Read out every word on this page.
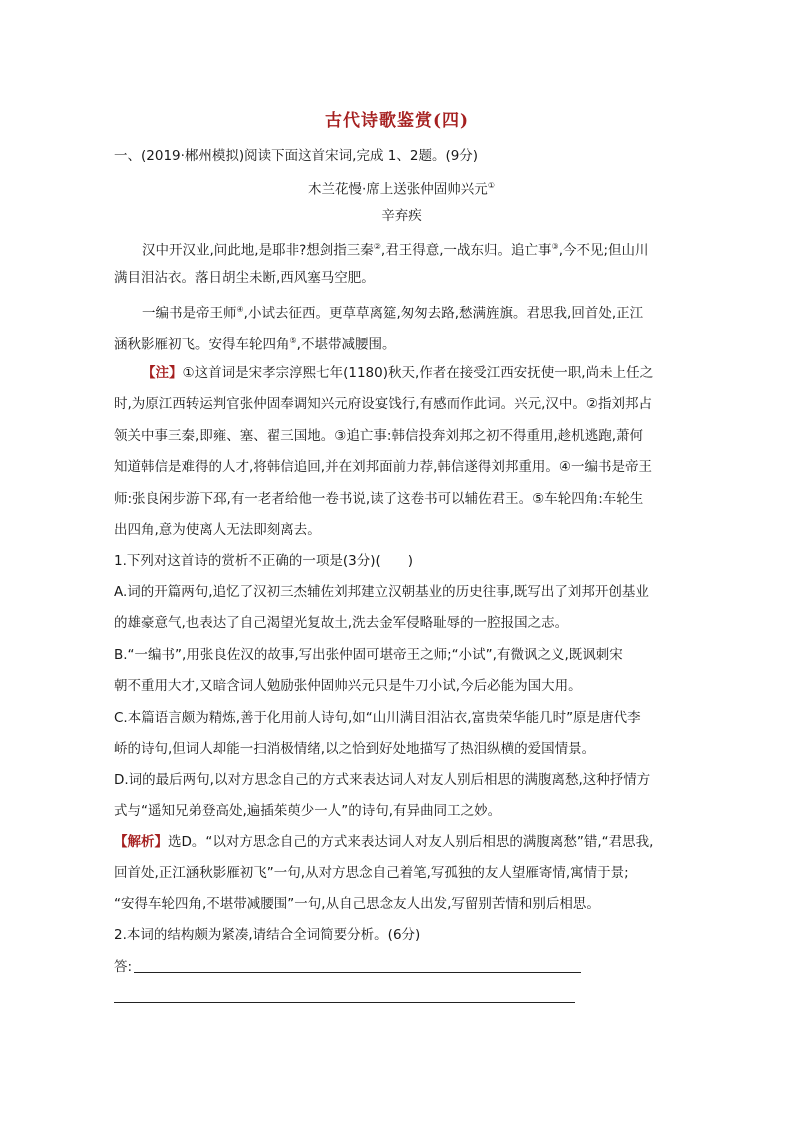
古代诗歌鉴赏(四)
一、(2019·郴州模拟)阅读下面这首宋词,完成 1、2题。(9分)
木兰花慢·席上送张仲固帅兴元①
辛弃疾
汉中开汉业,问此地,是耶非?想剑指三秦②,君王得意,一战东归。追亡事③,今不见;但山川
满目泪沾衣。落日胡尘未断,西风塞马空肥。
一编书是帝王师④,小试去征西。更草草离筵,匆匆去路,愁满旌旗。君思我,回首处,正江
涵秋影雁初飞。安得车轮四角⑤,不堪带减腰围。
【注】①这首词是宋孝宗淳熙七年(1180)秋天,作者在接受江西安抚使一职,尚未上任之
时,为原江西转运判官张仲固奉调知兴元府设宴饯行,有感而作此词。兴元,汉中。②指刘邦占
领关中事三秦,即雍、塞、翟三国地。③追亡事:韩信投奔刘邦之初不得重用,趁机逃跑,萧何
知道韩信是难得的人才,将韩信追回,并在刘邦面前力荐,韩信遂得刘邦重用。④一编书是帝王
师:张良闲步游下邳,有一老者给他一卷书说,读了这卷书可以辅佐君王。⑤车轮四角:车轮生
出四角,意为使离人无法即刻离去。
1.下列对这首诗的赏析不正确的一项是(3分)(　　)
A.词的开篇两句,追忆了汉初三杰辅佐刘邦建立汉朝基业的历史往事,既写出了刘邦开创基业
的雄豪意气,也表达了自己渴望光复故土,洗去金军侵略耻辱的一腔报国之志。
B.“一编书”,用张良佐汉的故事,写出张仲固可堪帝王之师;“小试”,有微讽之义,既讽刺宋
朝不重用大才,又暗含词人勉励张仲固帅兴元只是牛刀小试,今后必能为国大用。
C.本篇语言颇为精炼,善于化用前人诗句,如“山川满目泪沾衣,富贵荣华能几时”原是唐代李
峤的诗句,但词人却能一扫消极情绪,以之恰到好处地描写了热泪纵横的爱国情景。
D.词的最后两句,以对方思念自己的方式来表达词人对友人别后相思的满腹离愁,这种抒情方
式与“遥知兄弟登高处,遍插茱萸少一人”的诗句,有异曲同工之妙。
【解析】选D。“以对方思念自己的方式来表达词人对友人别后相思的满腹离愁”错,“君思我,
回首处,正江涵秋影雁初飞”一句,从对方思念自己着笔,写孤独的友人望雁寄情,寓情于景;
“安得车轮四角,不堪带减腰围”一句,从自己思念友人出发,写留别苦情和别后相思。
2.本词的结构颇为紧凑,请结合全词简要分析。(6分)
答:
